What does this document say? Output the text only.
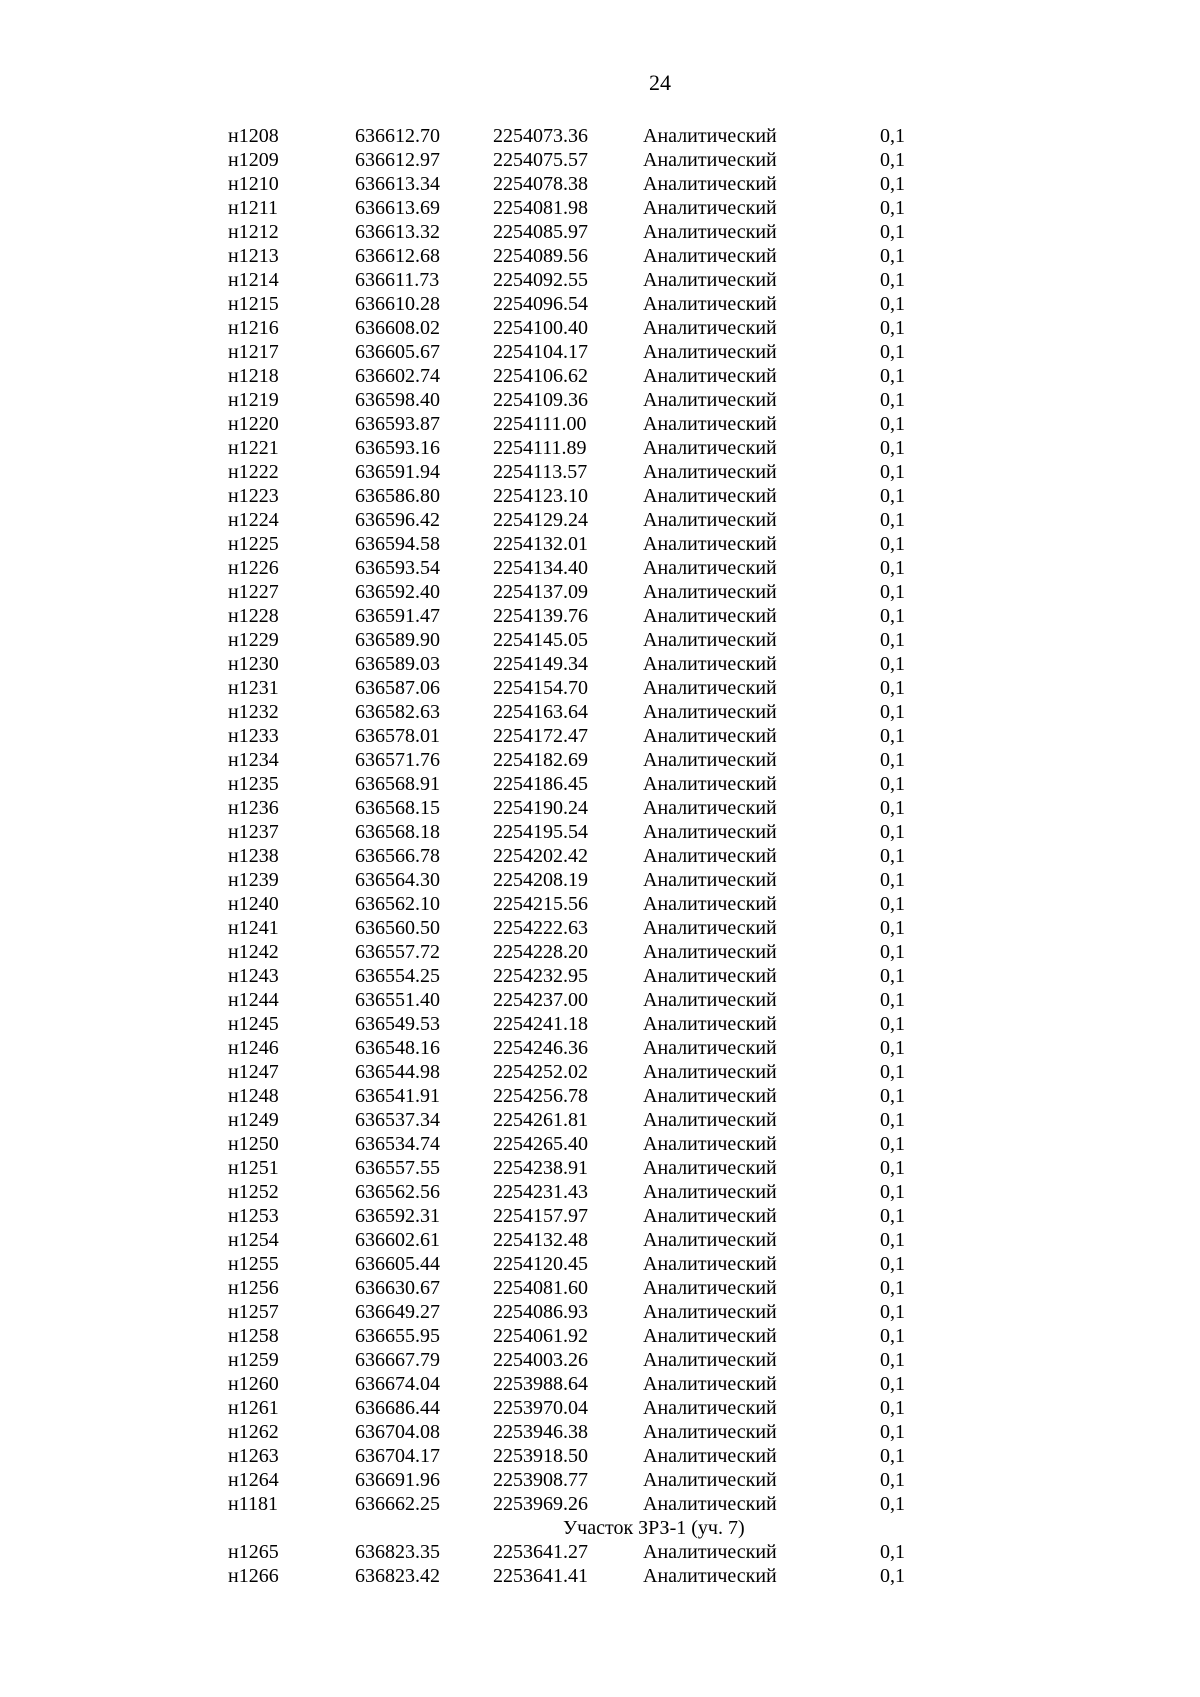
24
н1208	636612.70	2254073.36	Аналитический	0,1
н1209	636612.97	2254075.57	Аналитический	0,1
н1210	636613.34	2254078.38	Аналитический	0,1
н1211	636613.69	2254081.98	Аналитический	0,1
н1212	636613.32	2254085.97	Аналитический	0,1
н1213	636612.68	2254089.56	Аналитический	0,1
н1214	636611.73	2254092.55	Аналитический	0,1
н1215	636610.28	2254096.54	Аналитический	0,1
н1216	636608.02	2254100.40	Аналитический	0,1
н1217	636605.67	2254104.17	Аналитический	0,1
н1218	636602.74	2254106.62	Аналитический	0,1
н1219	636598.40	2254109.36	Аналитический	0,1
н1220	636593.87	2254111.00	Аналитический	0,1
н1221	636593.16	2254111.89	Аналитический	0,1
н1222	636591.94	2254113.57	Аналитический	0,1
н1223	636586.80	2254123.10	Аналитический	0,1
н1224	636596.42	2254129.24	Аналитический	0,1
н1225	636594.58	2254132.01	Аналитический	0,1
н1226	636593.54	2254134.40	Аналитический	0,1
н1227	636592.40	2254137.09	Аналитический	0,1
н1228	636591.47	2254139.76	Аналитический	0,1
н1229	636589.90	2254145.05	Аналитический	0,1
н1230	636589.03	2254149.34	Аналитический	0,1
н1231	636587.06	2254154.70	Аналитический	0,1
н1232	636582.63	2254163.64	Аналитический	0,1
н1233	636578.01	2254172.47	Аналитический	0,1
н1234	636571.76	2254182.69	Аналитический	0,1
н1235	636568.91	2254186.45	Аналитический	0,1
н1236	636568.15	2254190.24	Аналитический	0,1
н1237	636568.18	2254195.54	Аналитический	0,1
н1238	636566.78	2254202.42	Аналитический	0,1
н1239	636564.30	2254208.19	Аналитический	0,1
н1240	636562.10	2254215.56	Аналитический	0,1
н1241	636560.50	2254222.63	Аналитический	0,1
н1242	636557.72	2254228.20	Аналитический	0,1
н1243	636554.25	2254232.95	Аналитический	0,1
н1244	636551.40	2254237.00	Аналитический	0,1
н1245	636549.53	2254241.18	Аналитический	0,1
н1246	636548.16	2254246.36	Аналитический	0,1
н1247	636544.98	2254252.02	Аналитический	0,1
н1248	636541.91	2254256.78	Аналитический	0,1
н1249	636537.34	2254261.81	Аналитический	0,1
н1250	636534.74	2254265.40	Аналитический	0,1
н1251	636557.55	2254238.91	Аналитический	0,1
н1252	636562.56	2254231.43	Аналитический	0,1
н1253	636592.31	2254157.97	Аналитический	0,1
н1254	636602.61	2254132.48	Аналитический	0,1
н1255	636605.44	2254120.45	Аналитический	0,1
н1256	636630.67	2254081.60	Аналитический	0,1
н1257	636649.27	2254086.93	Аналитический	0,1
н1258	636655.95	2254061.92	Аналитический	0,1
н1259	636667.79	2254003.26	Аналитический	0,1
н1260	636674.04	2253988.64	Аналитический	0,1
н1261	636686.44	2253970.04	Аналитический	0,1
н1262	636704.08	2253946.38	Аналитический	0,1
н1263	636704.17	2253918.50	Аналитический	0,1
н1264	636691.96	2253908.77	Аналитический	0,1
н1181	636662.25	2253969.26	Аналитический	0,1
Участок ЗРЗ-1 (уч. 7)
н1265	636823.35	2253641.27	Аналитический	0,1
н1266	636823.42	2253641.41	Аналитический	0,1
